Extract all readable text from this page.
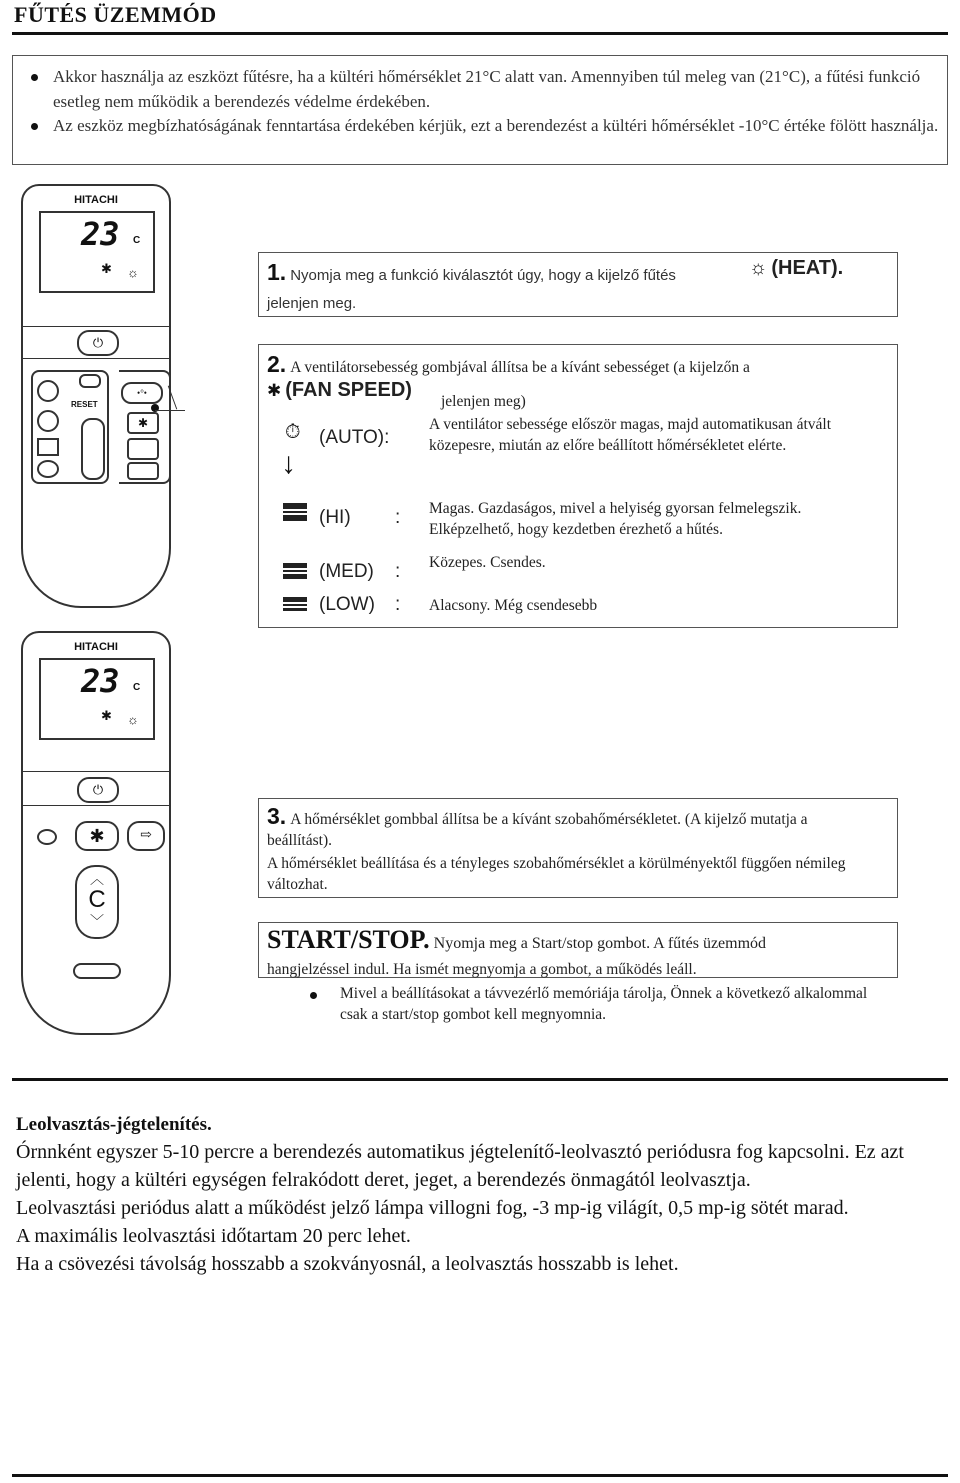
FŰTÉS ÜZEMMÓD
Akkor használja az eszközt fűtésre, ha a kültéri hőmérséklet 21°C alatt van. Amennyiben túl meleg van (21°C), a fűtési funkció esetleg nem működik a berendezés védelme érdekében.
Az eszköz megbízhatóságának fenntartása érdekében kérjük, ezt a berendezést a kültéri hőmérséklet -10°C értéke fölött használja.
HITACHI
23 C
✱ ☼
⏻
RESET
•°•
✱
1. Nyomja meg a funkció kiválasztót úgy, hogy a kijelző fűtés	☼ (HEAT).
jelenjen meg.
2. A ventilátorsebesség gombjával állítsa be a kívánt sebességet (a kijelzőn a
✱ (FAN SPEED)
jelenjen meg)
⏱ (AUTO):
A ventilátor sebessége először magas, majd automatikusan átvált közepesre, miután az előre beállított hőmérsékletet elérte.
↓
(HI) : Magas. Gazdaságos, mivel a helyiség gyorsan felmelegszik. Elképzelhető, hogy kezdetben érezhető a hűtés.
(MED) : Közepes. Csendes.
(LOW) : Alacsony. Még csendesebb
HITACHI
23 C
✱ ☼
⏻
✱	⇨
︿
C
﹀
3. A hőmérséklet gombbal állítsa be a kívánt szobahőmérsékletet. (A kijelző mutatja a beállítást).
A hőmérséklet beállítása és a tényleges szobahőmérséklet a körülményektől függően némileg változhat.
START/STOP. Nyomja meg a Start/stop gombot. A fűtés üzemmód
hangjelzéssel indul. Ha ismét megnyomja a gombot, a működés leáll.
Mivel a beállításokat a távvezérlő memóriája tárolja, Önnek a következő alkalommal csak a start/stop gombot kell megnyomnia.
Leolvasztás-jégtelenítés.
Órnnként egyszer 5-10 percre a berendezés automatikus jégtelenítő-leolvasztó periódusra fog kapcsolni. Ez azt jelenti, hogy a kültéri egységen felrakódott deret, jeget, a berendezés önmagától leolvasztja.
Leolvasztási periódus alatt a működést jelző lámpa villogni fog, -3 mp-ig világít, 0,5 mp-ig sötét marad.
A maximális leolvasztási időtartam 20 perc lehet.
Ha a csövezési távolság hosszabb a szokványosnál, a leolvasztás hosszabb is lehet.
